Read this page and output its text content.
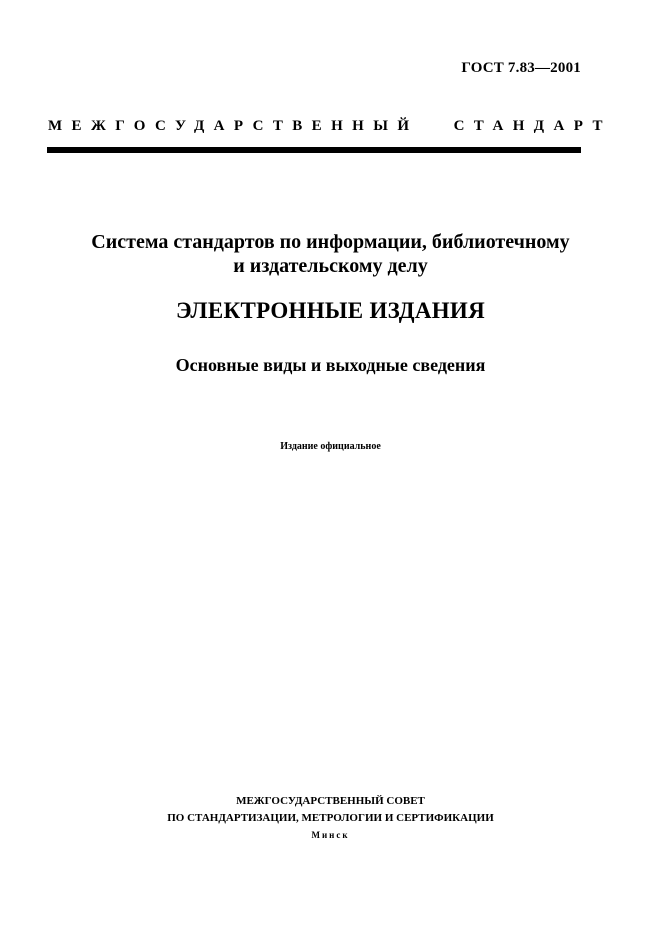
ГОСТ 7.83—2001
МЕЖГОСУДАРСТВЕННЫЙ СТАНДАРТ
Система стандартов по информации, библиотечному
и издательскому делу
ЭЛЕКТРОННЫЕ ИЗДАНИЯ
Основные виды и выходные сведения
Издание официальное
МЕЖГОСУДАРСТВЕННЫЙ СОВЕТ
ПО СТАНДАРТИЗАЦИИ, МЕТРОЛОГИИ И СЕРТИФИКАЦИИ
Минск
